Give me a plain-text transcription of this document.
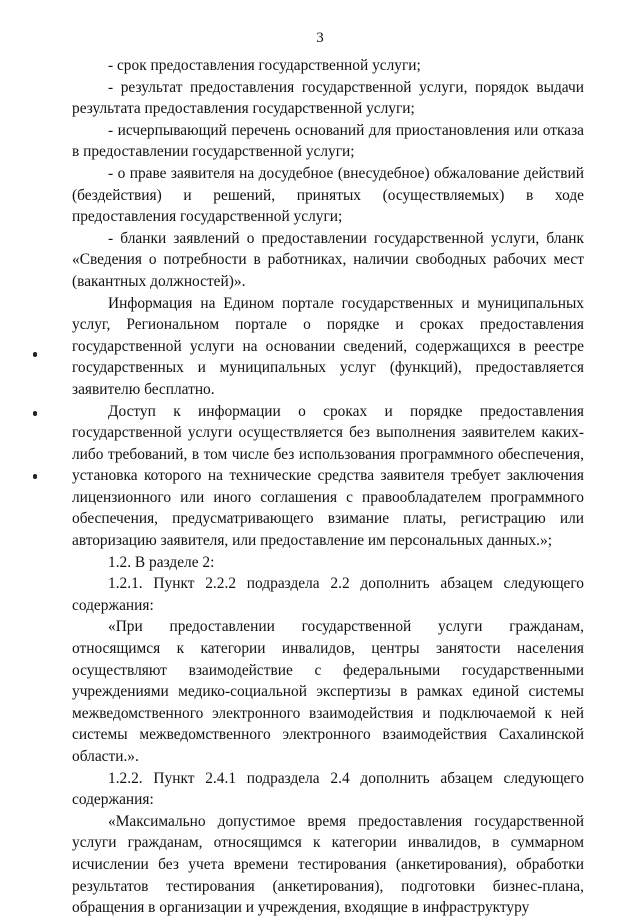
3

- срок предоставления государственной услуги;

- результат предоставления государственной услуги, порядок выдачи результата предоставления государственной услуги;

- исчерпывающий перечень оснований для приостановления или отказа в предоставлении государственной услуги;

- о праве заявителя на досудебное (внесудебное) обжалование действий (бездействия) и решений, принятых (осуществляемых) в ходе предоставления государственной услуги;

- бланки заявлений о предоставлении государственной услуги, бланк «Сведения о потребности в работниках, наличии свободных рабочих мест (вакантных должностей)».

Информация на Едином портале государственных и муниципальных услуг, Региональном портале о порядке и сроках предоставления государственной услуги на основании сведений, содержащихся в реестре государственных и муниципальных услуг (функций), предоставляется заявителю бесплатно.

Доступ к информации о сроках и порядке предоставления государственной услуги осуществляется без выполнения заявителем каких-либо требований, в том числе без использования программного обеспечения, установка которого на технические средства заявителя требует заключения лицензионного или иного соглашения с правообладателем программного обеспечения, предусматривающего взимание платы, регистрацию или авторизацию заявителя, или предоставление им персональных данных.»;

1.2. В разделе 2:

1.2.1. Пункт 2.2.2 подраздела 2.2 дополнить абзацем следующего содержания:

«При предоставлении государственной услуги гражданам, относящимся к категории инвалидов, центры занятости населения осуществляют взаимодействие с федеральными государственными учреждениями медико-социальной экспертизы в рамках единой системы межведомственного электронного взаимодействия и подключаемой к ней системы межведомственного электронного взаимодействия Сахалинской области.».

1.2.2. Пункт 2.4.1 подраздела 2.4 дополнить абзацем следующего содержания:

«Максимально допустимое время предоставления государственной услуги гражданам, относящимся к категории инвалидов, в суммарном исчислении без учета времени тестирования (анкетирования), обработки результатов тестирования (анкетирования), подготовки бизнес-плана, обращения в организации и учреждения, входящие в инфраструктуру
